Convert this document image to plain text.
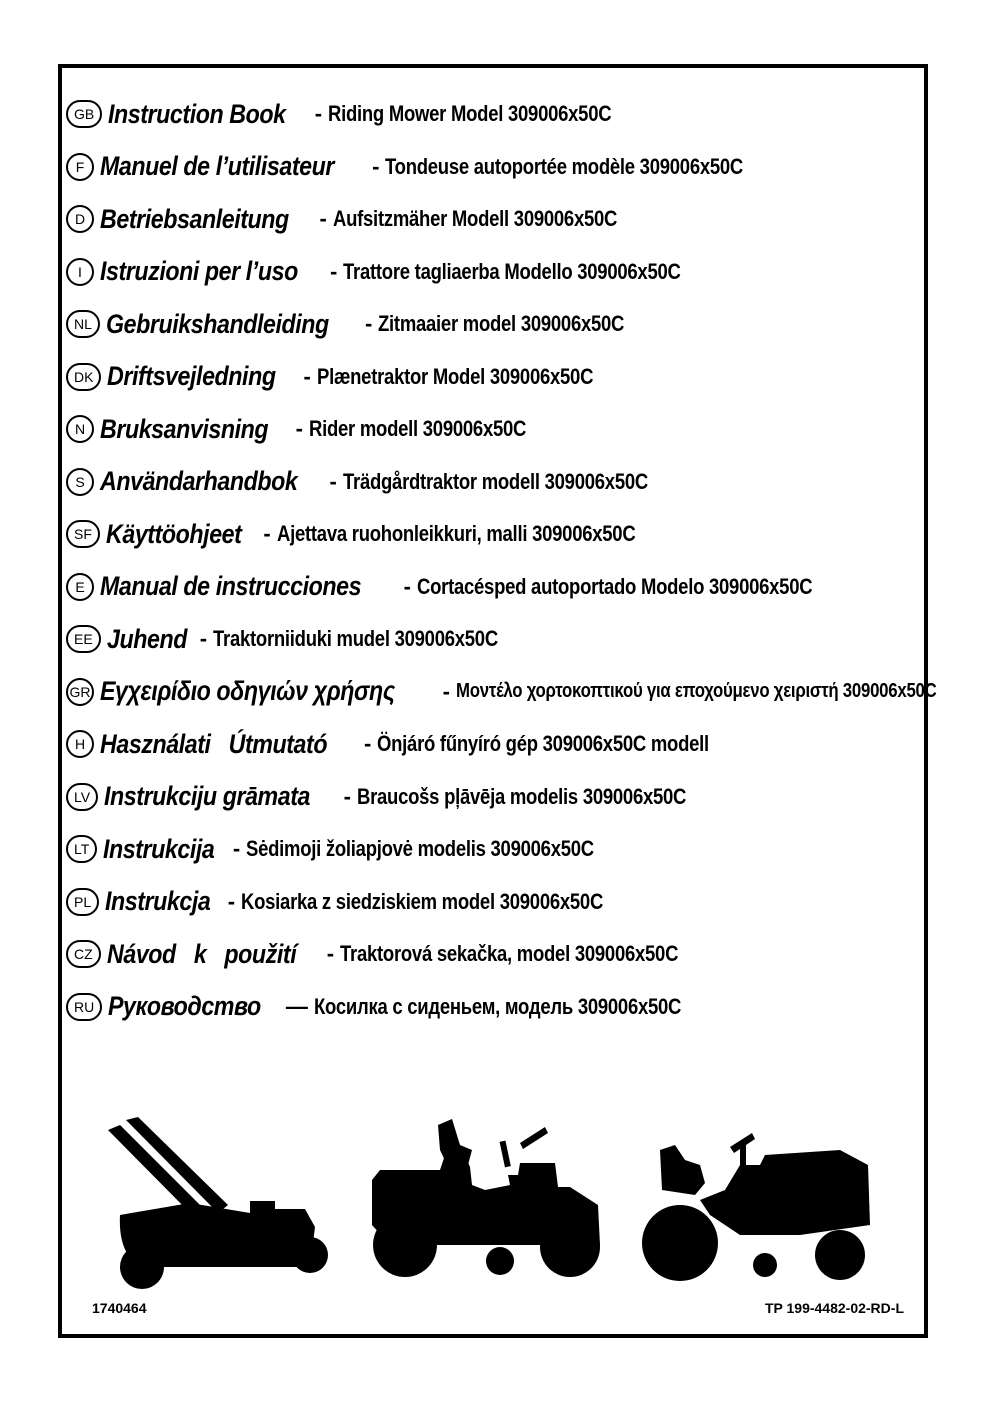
GB Instruction Book - Riding Mower Model 309006x50C
F Manuel de l’utilisateur - Tondeuse autoportée modèle 309006x50C
D Betriebsanleitung - Aufsitzmäher Modell 309006x50C
I Istruzioni per l’uso - Trattore tagliaerba Modello 309006x50C
NL Gebruikshandleiding - Zitmaaier model 309006x50C
DK Driftsvejledning - Plænetraktor Model 309006x50C
N Bruksanvisning - Rider modell 309006x50C
S Användarhandbok - Trädgårdtraktor modell 309006x50C
SF Käyttöohjeet - Ajettava ruohonleikkuri, malli 309006x50C
E Manual de instrucciones - Cortacésped autoportado Modelo 309006x50C
EE Juhend - Traktorniiduki mudel 309006x50C
GR Εγχειρίδιο οδηγιών χρήσης - Μοντέλο χορτοκοπτικού για εποχούμενο χειριστή 309006x50C
H Használati   Útmutató - Önjáró fűnyíró gép 309006x50C modell
LV Instrukciju grāmata - Braucošs pļāvēja modelis 309006x50C
LT Instrukcija - Sėdimoji žoliapjovė modelis 309006x50C
PL Instrukcja - Kosiarka z siedziskiem model 309006x50C
CZ Návod   k   použití - Traktorová sekačka, model 309006x50C
RU Руководство — Косилка с сиденьем, модель 309006x50C
1740464	TP 199-4482-02-RD-L
